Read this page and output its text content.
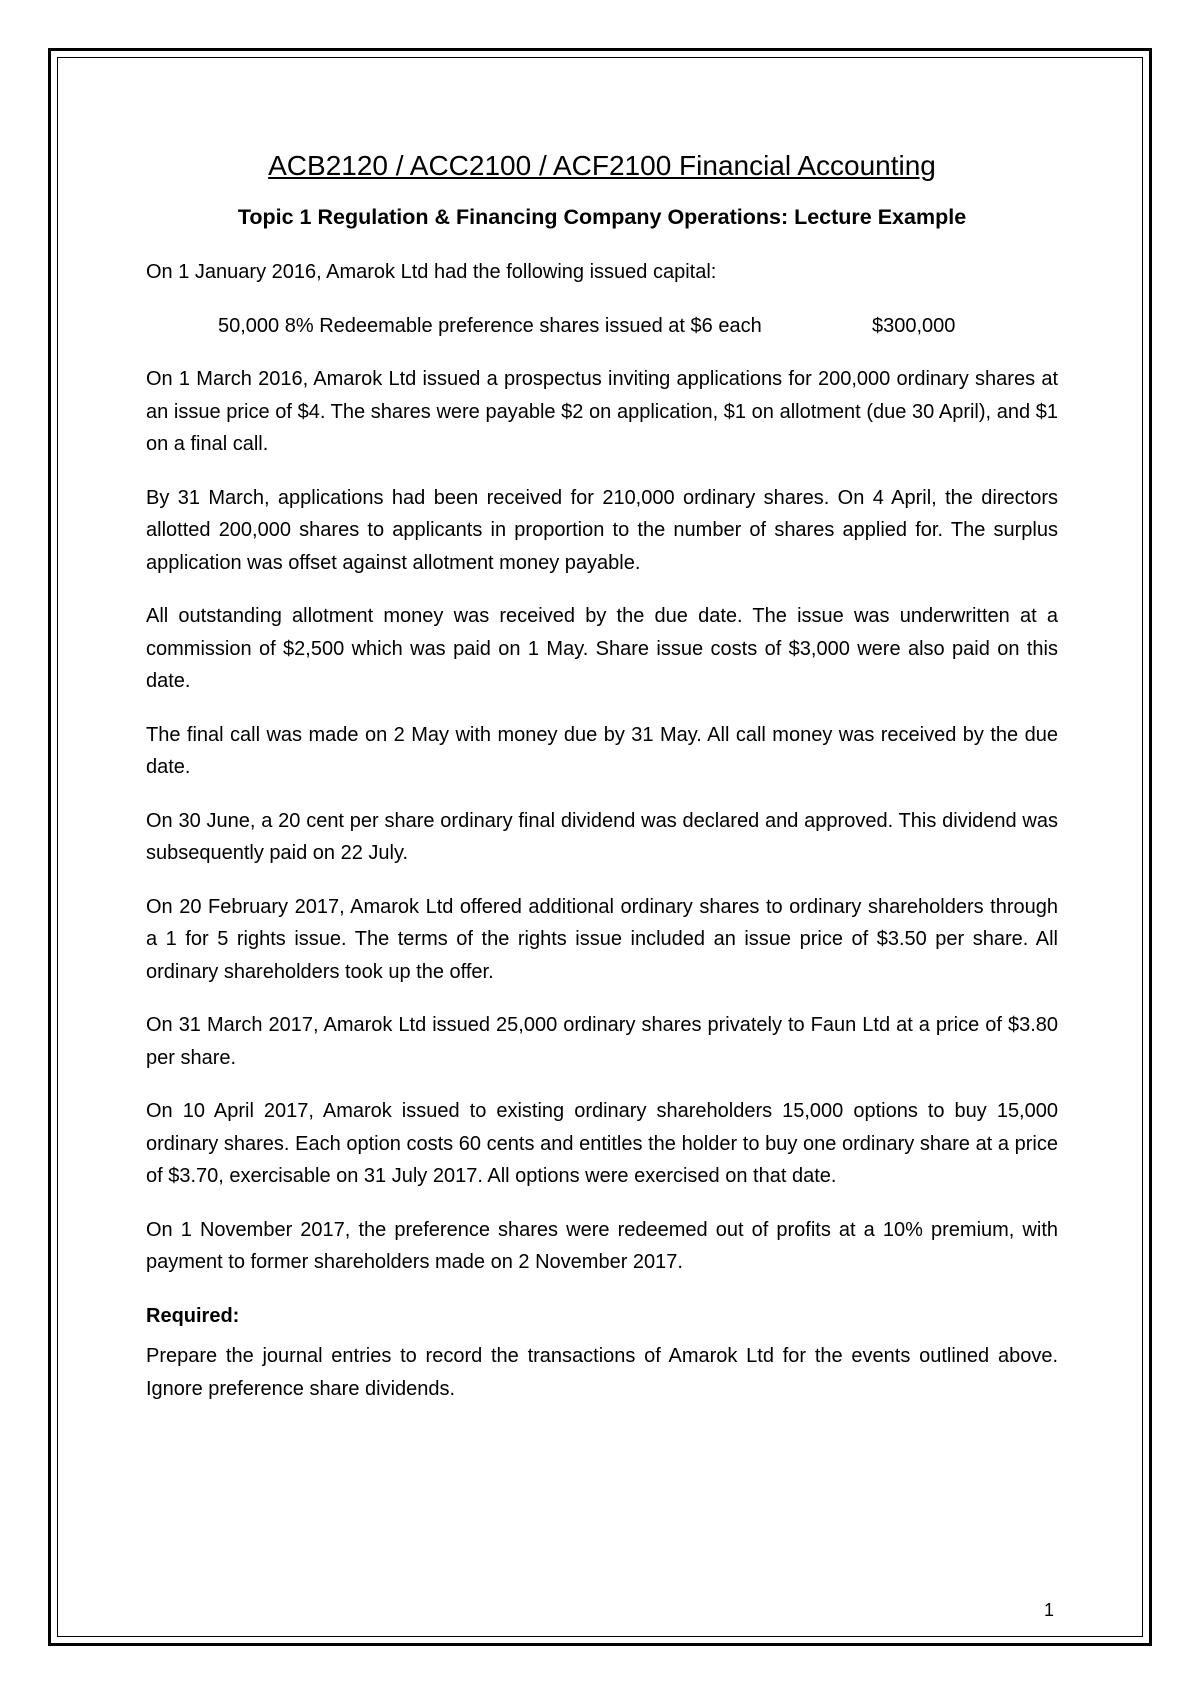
ACB2120 / ACC2100 / ACF2100 Financial Accounting
Topic 1 Regulation & Financing Company Operations: Lecture Example

On 1 January 2016, Amarok Ltd had the following issued capital:

50,000 8% Redeemable preference shares issued at $6 each	$300,000

On 1 March 2016, Amarok Ltd issued a prospectus inviting applications for 200,000 ordinary shares at an issue price of $4. The shares were payable $2 on application, $1 on allotment (due 30 April), and $1 on a final call.

By 31 March, applications had been received for 210,000 ordinary shares. On 4 April, the directors allotted 200,000 shares to applicants in proportion to the number of shares applied for. The surplus application was offset against allotment money payable.

All outstanding allotment money was received by the due date. The issue was underwritten at a commission of $2,500 which was paid on 1 May. Share issue costs of $3,000 were also paid on this date.

The final call was made on 2 May with money due by 31 May. All call money was received by the due date.

On 30 June, a 20 cent per share ordinary final dividend was declared and approved. This dividend was subsequently paid on 22 July.

On 20 February 2017, Amarok Ltd offered additional ordinary shares to ordinary shareholders through a 1 for 5 rights issue. The terms of the rights issue included an issue price of $3.50 per share. All ordinary shareholders took up the offer.

On 31 March 2017, Amarok Ltd issued 25,000 ordinary shares privately to Faun Ltd at a price of $3.80 per share.

On 10 April 2017, Amarok issued to existing ordinary shareholders 15,000 options to buy 15,000 ordinary shares. Each option costs 60 cents and entitles the holder to buy one ordinary share at a price of $3.70, exercisable on 31 July 2017. All options were exercised on that date.

On 1 November 2017, the preference shares were redeemed out of profits at a 10% premium, with payment to former shareholders made on 2 November 2017.

Required:

Prepare the journal entries to record the transactions of Amarok Ltd for the events outlined above. Ignore preference share dividends.

1
